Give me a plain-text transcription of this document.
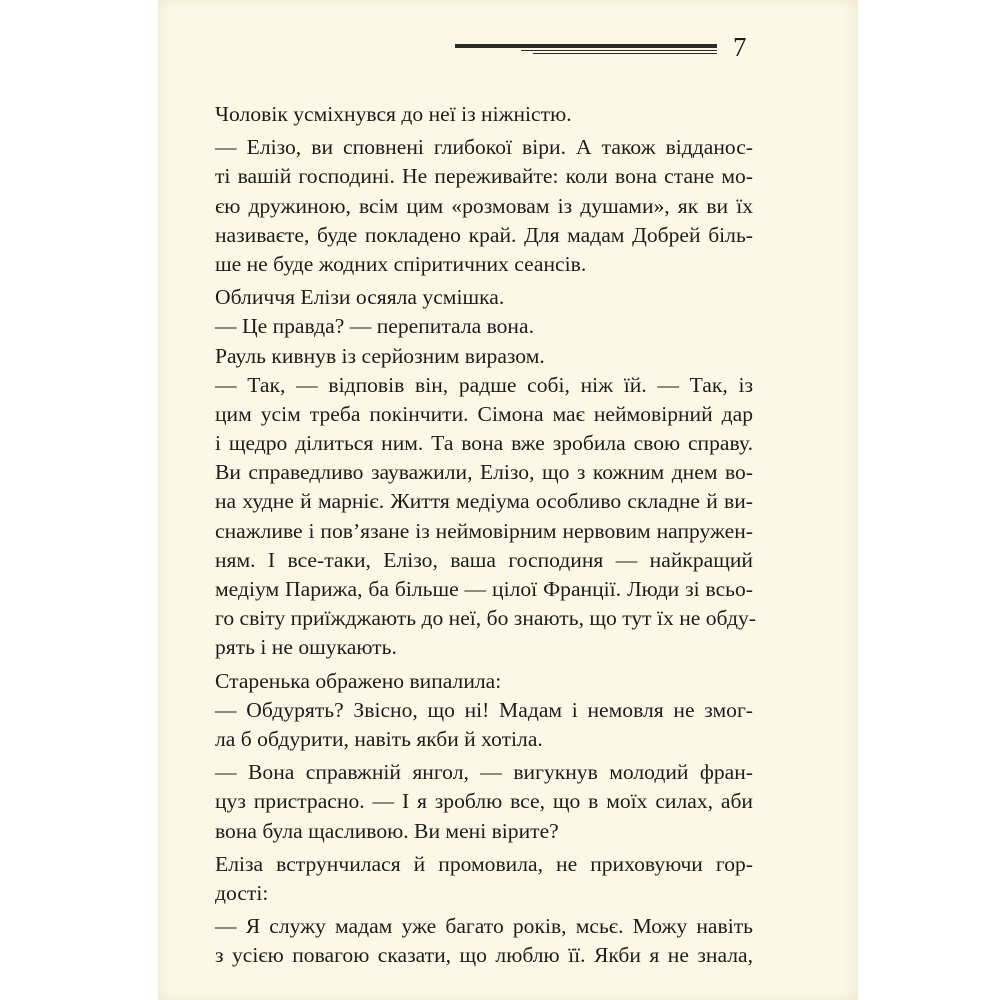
7
Чоловік усміхнувся до неї із ніжністю.
— Елізо, ви сповнені глибокої віри. А також відданос-
ті вашій господині. Не переживайте: коли вона стане мо-
єю дружиною, всім цим «розмовам із душами», як ви їх
називаєте, буде покладено край. Для мадам Добрей біль-
ше не буде жодних спіритичних сеансів.
Обличчя Елізи осяяла усмішка.
— Це правда? — перепитала вона.
Рауль кивнув із серйозним виразом.
— Так, — відповів він, радше собі, ніж їй. — Так, із
цим усім треба покінчити. Сімона має неймовірний дар
і щедро ділиться ним. Та вона вже зробила свою справу.
Ви справедливо зауважили, Елізо, що з кожним днем во-
на худне й марніє. Життя медіума особливо складне й ви-
снажливе і пов’язане із неймовірним нервовим напружен-
ням. І все-таки, Елізо, ваша господиня — найкращий
медіум Парижа, ба більше — цілої Франції. Люди зі всьо-
го світу приїжджають до неї, бо знають, що тут їх не обду-
рять і не ошукають.
Старенька ображено випалила:
— Обдурять? Звісно, що ні! Мадам і немовля не змог-
ла б обдурити, навіть якби й хотіла.
— Вона справжній янгол, — вигукнув молодий фран-
цуз пристрасно. — І я зроблю все, що в моїх силах, аби
вона була щасливою. Ви мені вірите?
Еліза вструнчилася й промовила, не приховуючи гор-
дості:
— Я служу мадам уже багато років, мсьє. Можу навіть
з усією повагою сказати, що люблю її. Якби я не знала,
